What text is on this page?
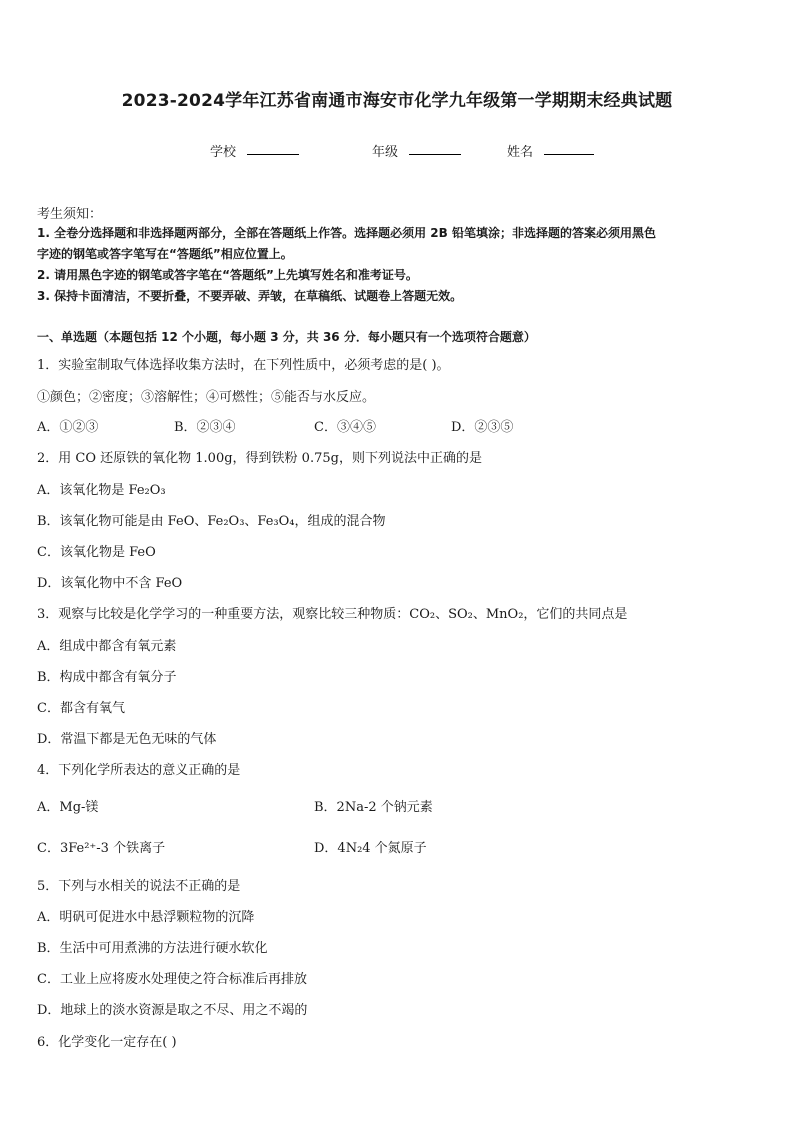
2023-2024学年江苏省南通市海安市化学九年级第一学期期末经典试题
学校	年级	姓名
考生须知：
1. 全卷分选择题和非选择题两部分，全部在答题纸上作答。选择题必须用 2B 铅笔填涂；非选择题的答案必须用黑色
字迹的钢笔或答字笔写在“答题纸”相应位置上。
2. 请用黑色字迹的钢笔或答字笔在“答题纸”上先填写姓名和准考证号。
3. 保持卡面清洁，不要折叠，不要弄破、弄皱，在草稿纸、试题卷上答题无效。
一、单选题（本题包括 12 个小题，每小题 3 分，共 36 分．每小题只有一个选项符合题意）
1．实验室制取气体选择收集方法时，在下列性质中，必须考虑的是( )。
①颜色；②密度；③溶解性；④可燃性；⑤能否与水反应。
A．①②③	B．②③④	C．③④⑤	D．②③⑤
2．用 CO 还原铁的氧化物 1.00g，得到铁粉 0.75g，则下列说法中正确的是
A．该氧化物是 Fe₂O₃
B．该氧化物可能是由 FeO、Fe₂O₃、Fe₃O₄，组成的混合物
C．该氧化物是 FeO
D．该氧化物中不含 FeO
3．观察与比较是化学学习的一种重要方法，观察比较三种物质：CO₂、SO₂、MnO₂，它们的共同点是
A．组成中都含有氧元素
B．构成中都含有氧分子
C．都含有氧气
D．常温下都是无色无味的气体
4．下列化学所表达的意义正确的是
A．Mg-镁	B．2Na-2 个钠元素
C．3Fe²⁺-3 个铁离子	D．4N₂4 个氮原子
5．下列与水相关的说法不正确的是
A．明矾可促进水中悬浮颗粒物的沉降
B．生活中可用煮沸的方法进行硬水软化
C．工业上应将废水处理使之符合标准后再排放
D．地球上的淡水资源是取之不尽、用之不竭的
6．化学变化一定存在( )
